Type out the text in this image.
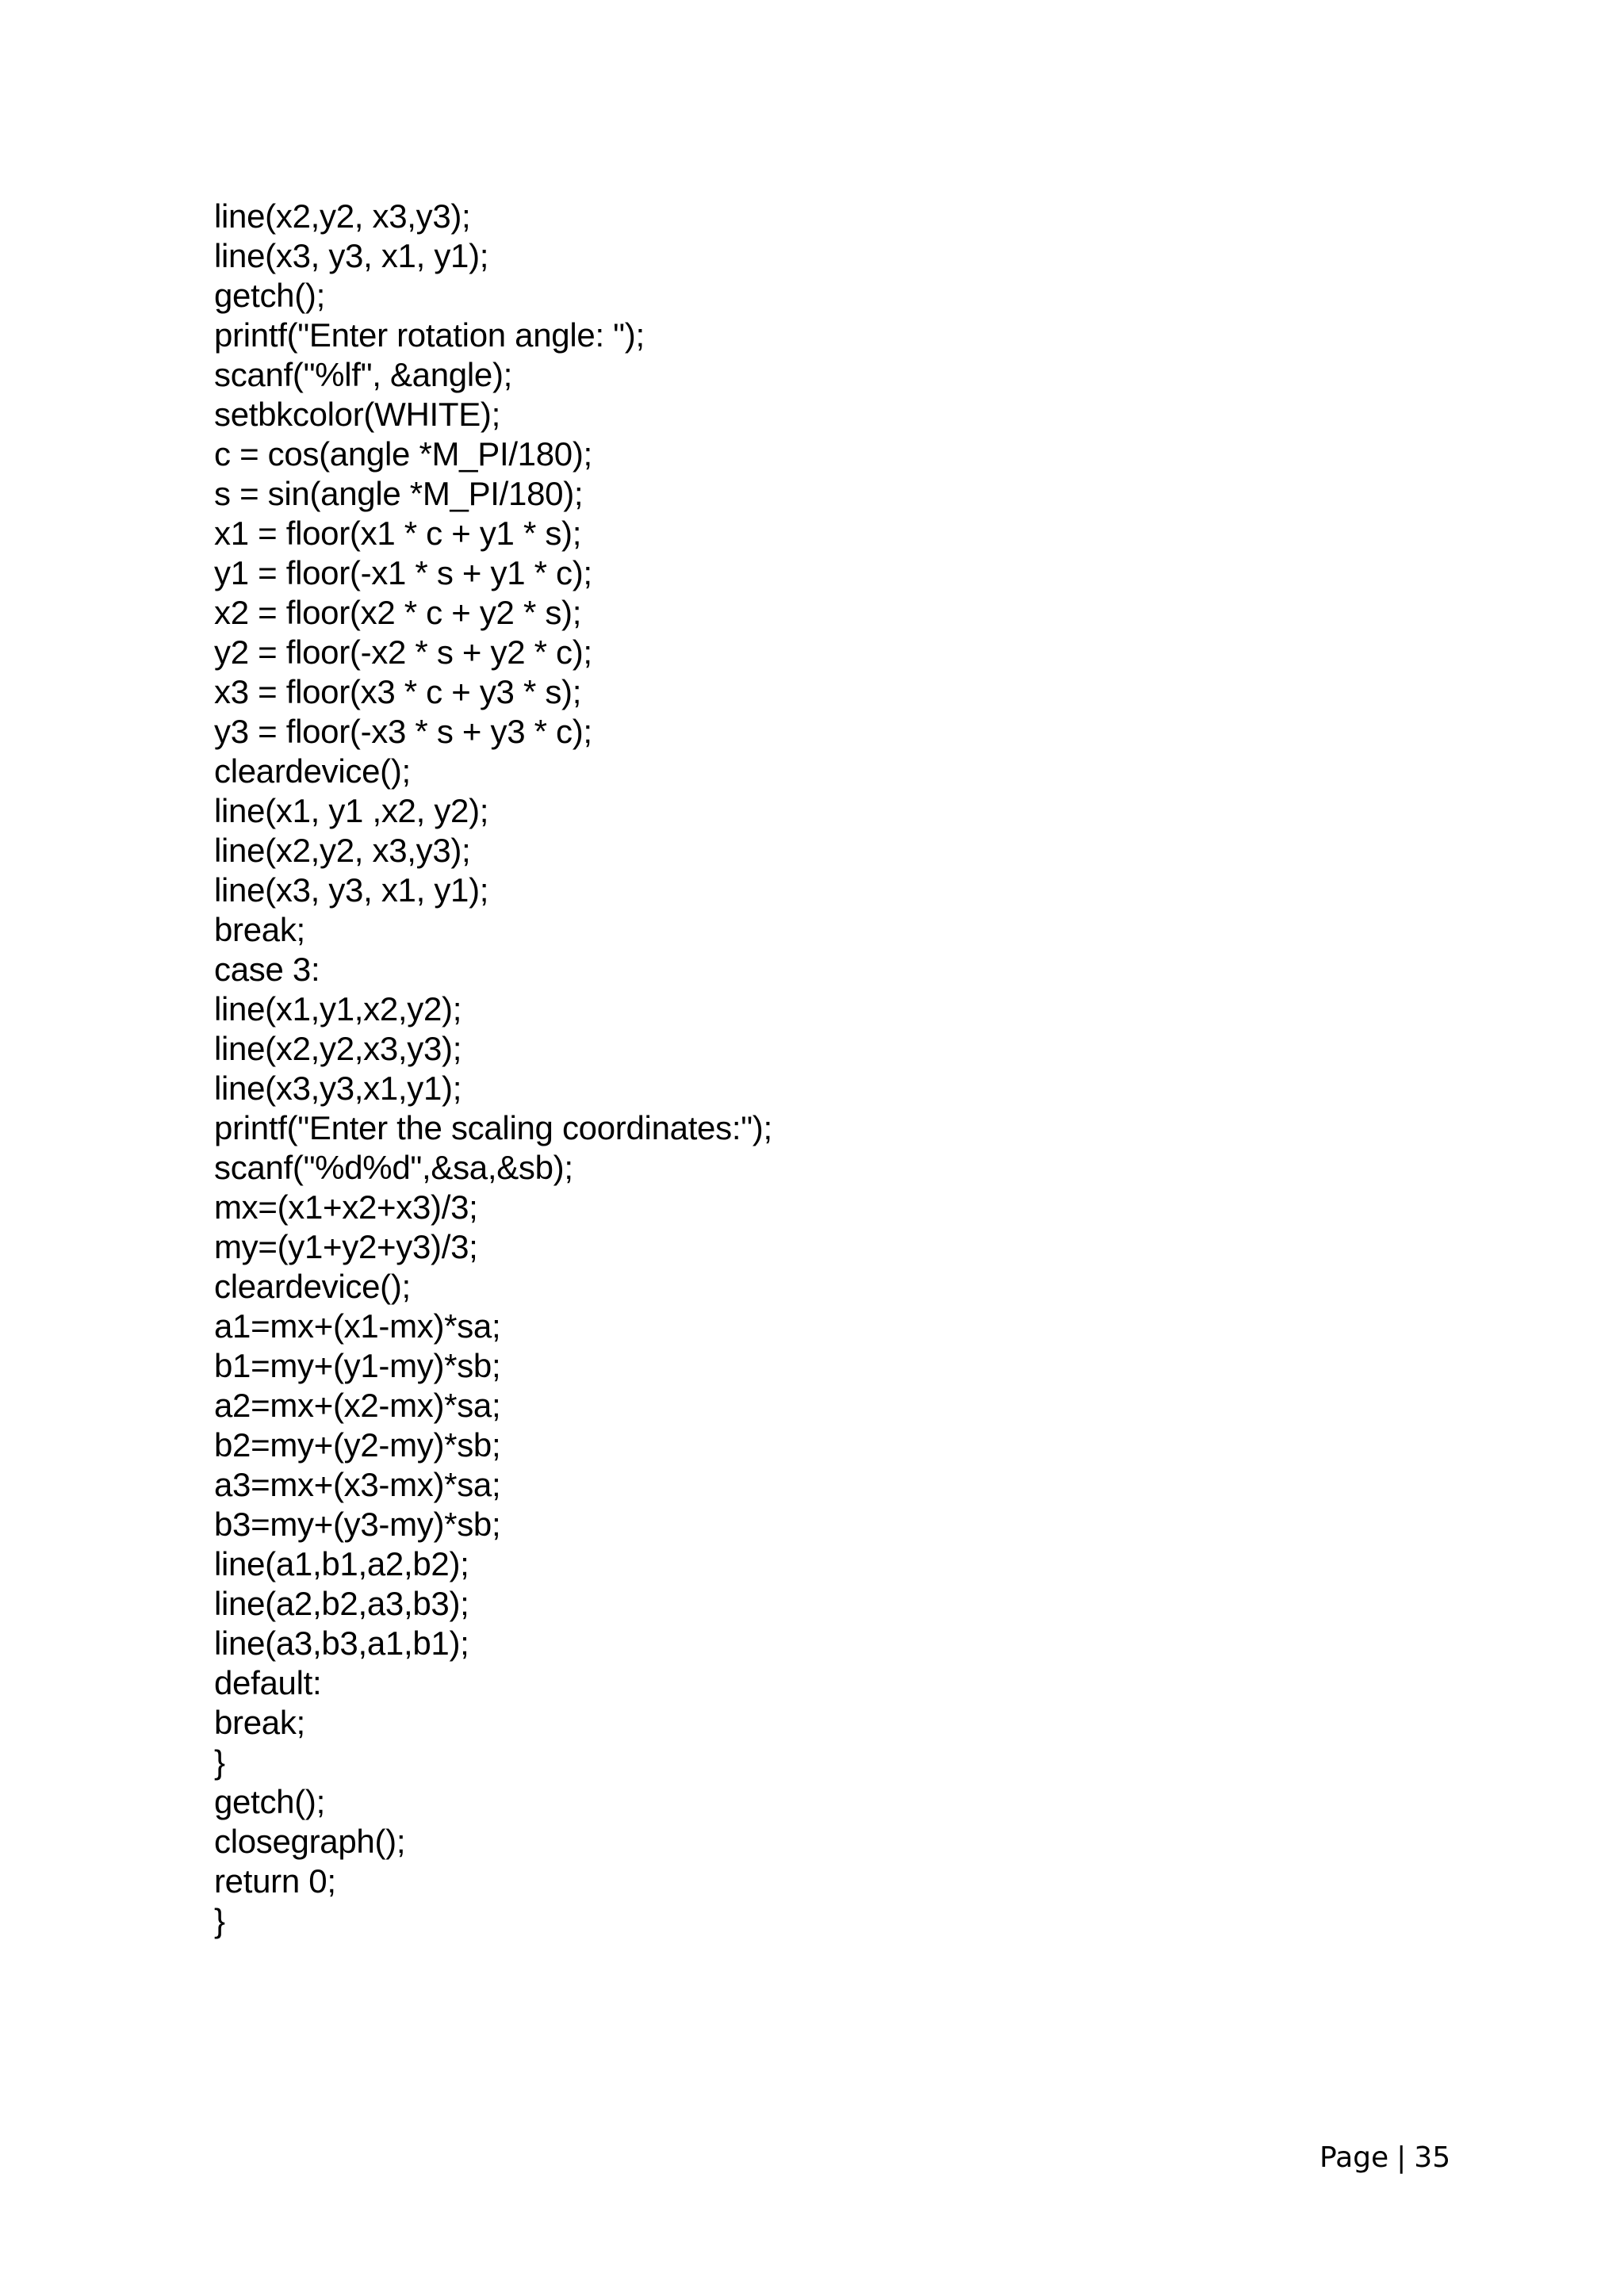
line(x2,y2, x3,y3);
line(x3, y3, x1, y1);
getch();
printf("Enter rotation angle: ");
scanf("%lf", &angle);
setbkcolor(WHITE);
c = cos(angle *M_PI/180);
s = sin(angle *M_PI/180);
x1 = floor(x1 * c + y1 * s);
y1 = floor(-x1 * s + y1 * c);
x2 = floor(x2 * c + y2 * s);
y2 = floor(-x2 * s + y2 * c);
x3 = floor(x3 * c + y3 * s);
y3 = floor(-x3 * s + y3 * c);
cleardevice();
line(x1, y1 ,x2, y2);
line(x2,y2, x3,y3);
line(x3, y3, x1, y1);
break;
case 3:
line(x1,y1,x2,y2);
line(x2,y2,x3,y3);
line(x3,y3,x1,y1);
printf("Enter the scaling coordinates:");
scanf("%d%d",&sa,&sb);
mx=(x1+x2+x3)/3;
my=(y1+y2+y3)/3;
cleardevice();
a1=mx+(x1-mx)*sa;
b1=my+(y1-my)*sb;
a2=mx+(x2-mx)*sa;
b2=my+(y2-my)*sb;
a3=mx+(x3-mx)*sa;
b3=my+(y3-my)*sb;
line(a1,b1,a2,b2);
line(a2,b2,a3,b3);
line(a3,b3,a1,b1);
default:
break;
}
getch();
closegraph();
return 0;
}
Page | 35
